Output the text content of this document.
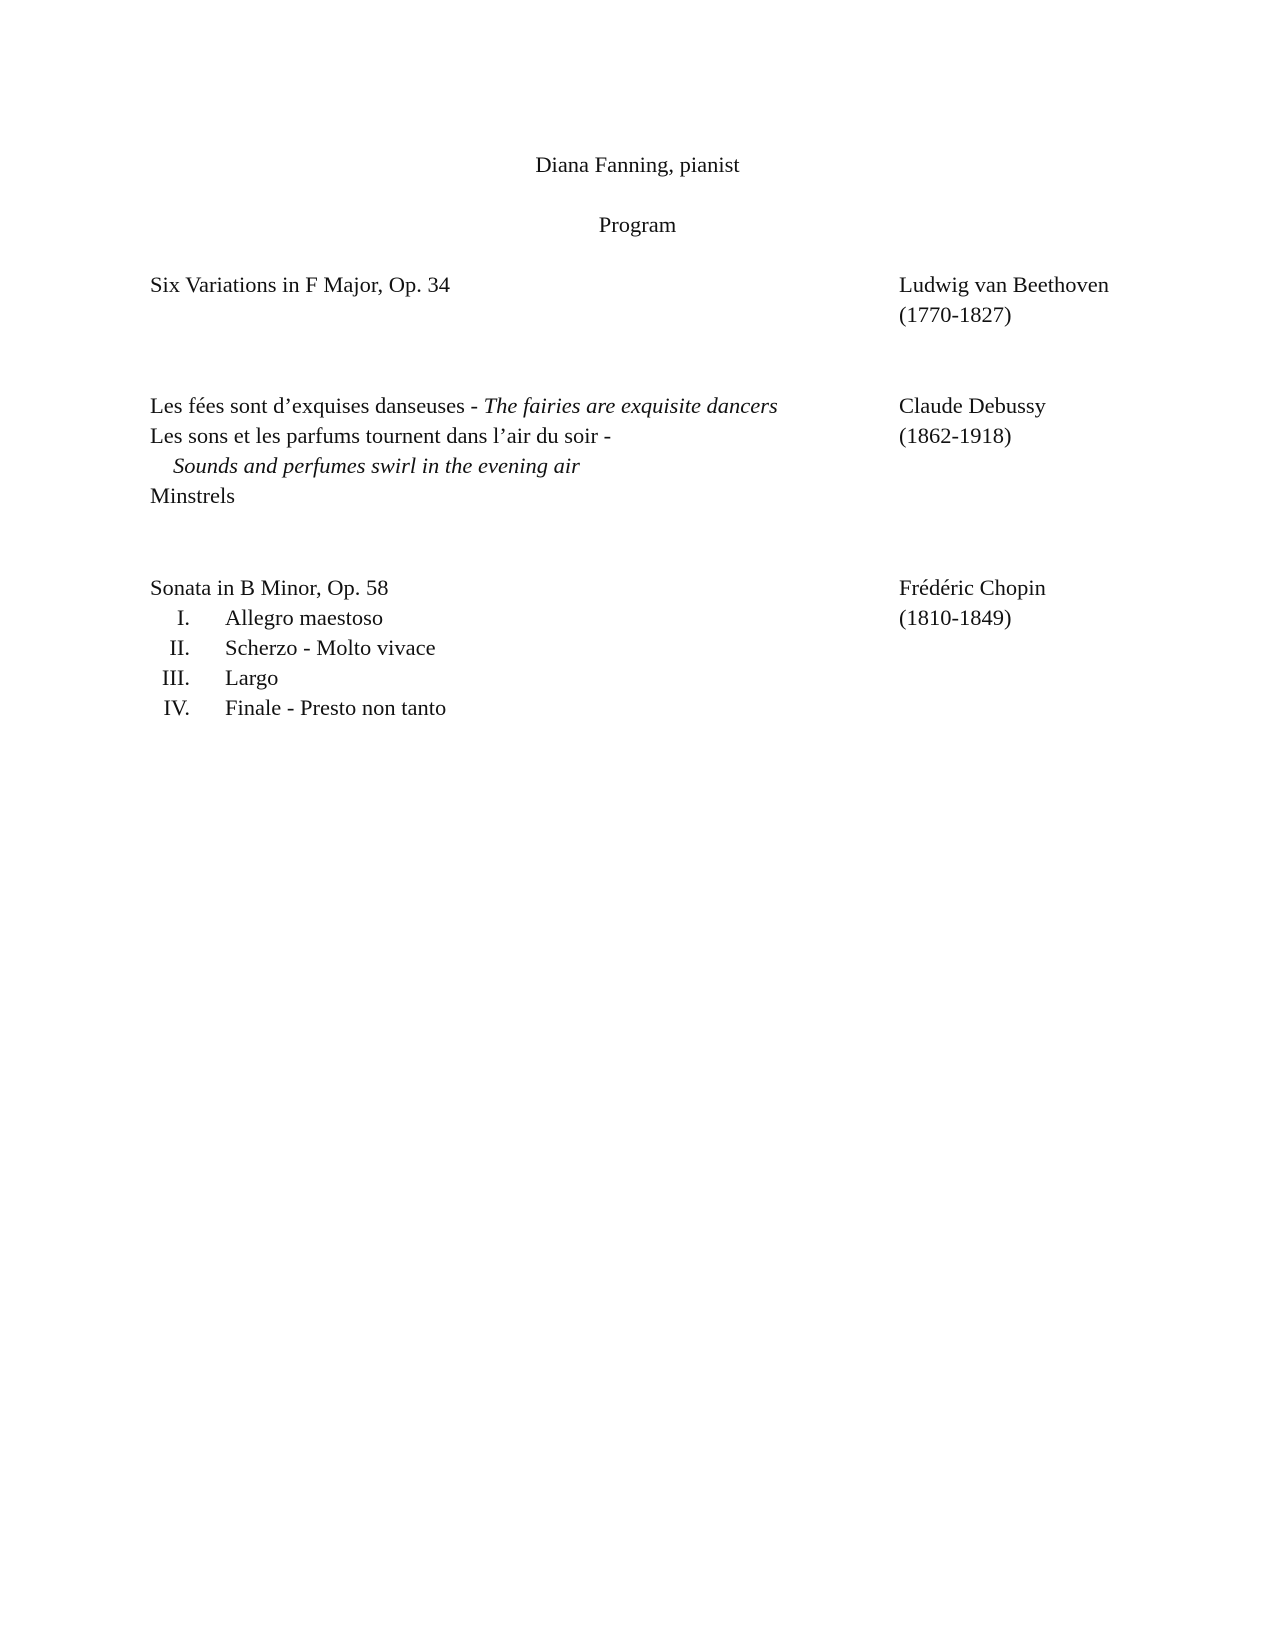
Diana Fanning, pianist
Program
Six Variations in F Major, Op. 34	Ludwig van Beethoven
(1770-1827)
Les fées sont d’exquises danseuses - The fairies are exquisite dancers
Les sons et les parfums tournent dans l’air du soir -
Sounds and perfumes swirl in the evening air
Minstrels
Claude Debussy
(1862-1918)
Sonata in B Minor, Op. 58	Frédéric Chopin
(1810-1849)
I. Allegro maestoso
II. Scherzo - Molto vivace
III. Largo
IV. Finale - Presto non tanto
